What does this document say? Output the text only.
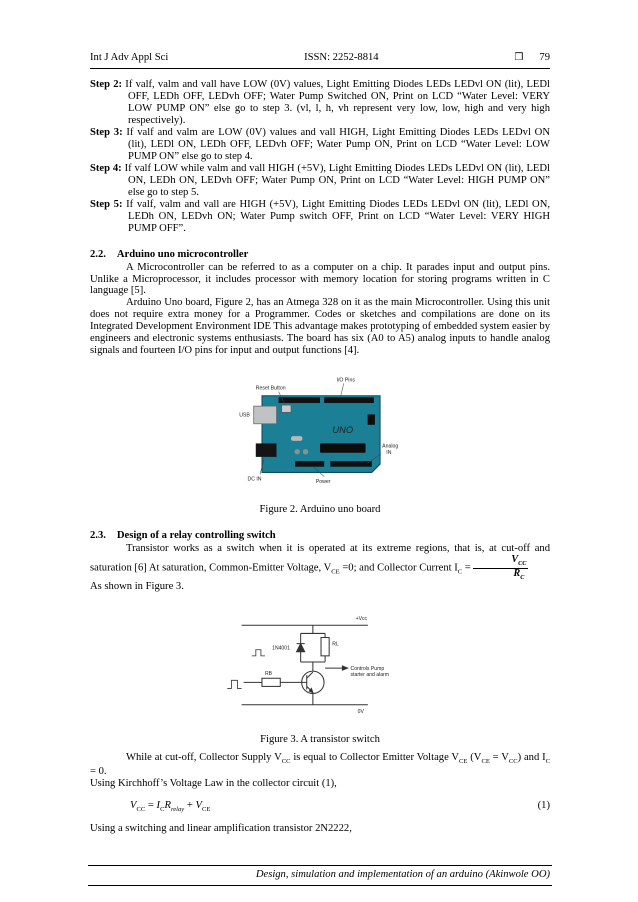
Int J Adv Appl Sci	ISSN: 2252-8814	❒ 79

Step 2: If valf, valm and vall have LOW (0V) values, Light Emitting Diodes LEDs LEDvl ON (lit), LEDl OFF, LEDh OFF, LEDvh OFF; Water Pump Switched ON, Print on LCD “Water Level: VERY LOW PUMP ON” else go to step 3. (vl, l, h, vh represent very low, low, high and very high respectively).

Step 3: If valf and valm are LOW (0V) values and vall HIGH, Light Emitting Diodes LEDs LEDvl ON (lit), LEDl ON, LEDh OFF, LEDvh OFF; Water Pump ON, Print on LCD “Water Level: LOW PUMP ON” else go to step 4.

Step 4: If valf LOW while valm and vall HIGH (+5V), Light Emitting Diodes LEDs LEDvl ON (lit), LEDl ON, LEDh ON, LEDvh OFF; Water Pump ON, Print on LCD “Water Level: HIGH PUMP ON” else go to step 5.

Step 5: If valf, valm and vall are HIGH (+5V), Light Emitting Diodes LEDs LEDvl ON (lit), LEDl ON, LEDh ON, LEDvh ON; Water Pump switch OFF, Print on LCD “Water Level: VERY HIGH PUMP OFF”.

2.2. Arduino uno microcontroller

A Microcontroller can be referred to as a computer on a chip. It parades input and output pins. Unlike a Microprocessor, it includes processor with memory location for storing programs written in C language [5].

Arduino Uno board, Figure 2, has an Atmega 328 on it as the main Microcontroller. Using this unit does not require extra money for a Programmer. Codes or sketches and compilations are done on its Integrated Development Environment IDE This advantage makes prototyping of embedded system easier by engineers and electronic systems enthusiasts. The board has six (A0 to A5) analog inputs to handle analog signals and fourteen I/O pins for input and output functions [4].

UNO
I/O Pins
Reset Button
USB
DC IN	Power
Analog
IN
Figure 2. Arduino uno board
2.3. Design of a relay controlling switch

Transistor works as a switch when it is operated at its extreme regions, that is, at cut-off and saturation [6] At saturation, Common-Emitter Voltage, $V_{CE} =0$; and Collector Current $I_C = \frac{V_{CC}}{R_C}$

As shown in Figure 3.

+Vcc
1N4001
RL
RB
Controls Pump
starter and alarm
0V
Figure 3. A transistor switch

While at cut-off, Collector Supply $V_{CC}$ is equal to Collector Emitter Voltage $V_{CE}$ $(V_{CE} = V_{CC})$ and $I_C = 0$.

Using Kirchhoff’s Voltage Law in the collector circuit (1),

$V_{CC} = I_CR_{relay} + V_{CE}$	(1)

Using a switching and linear amplification transistor 2N2222,

Design, simulation and implementation of an arduino (Akinwole OO)
